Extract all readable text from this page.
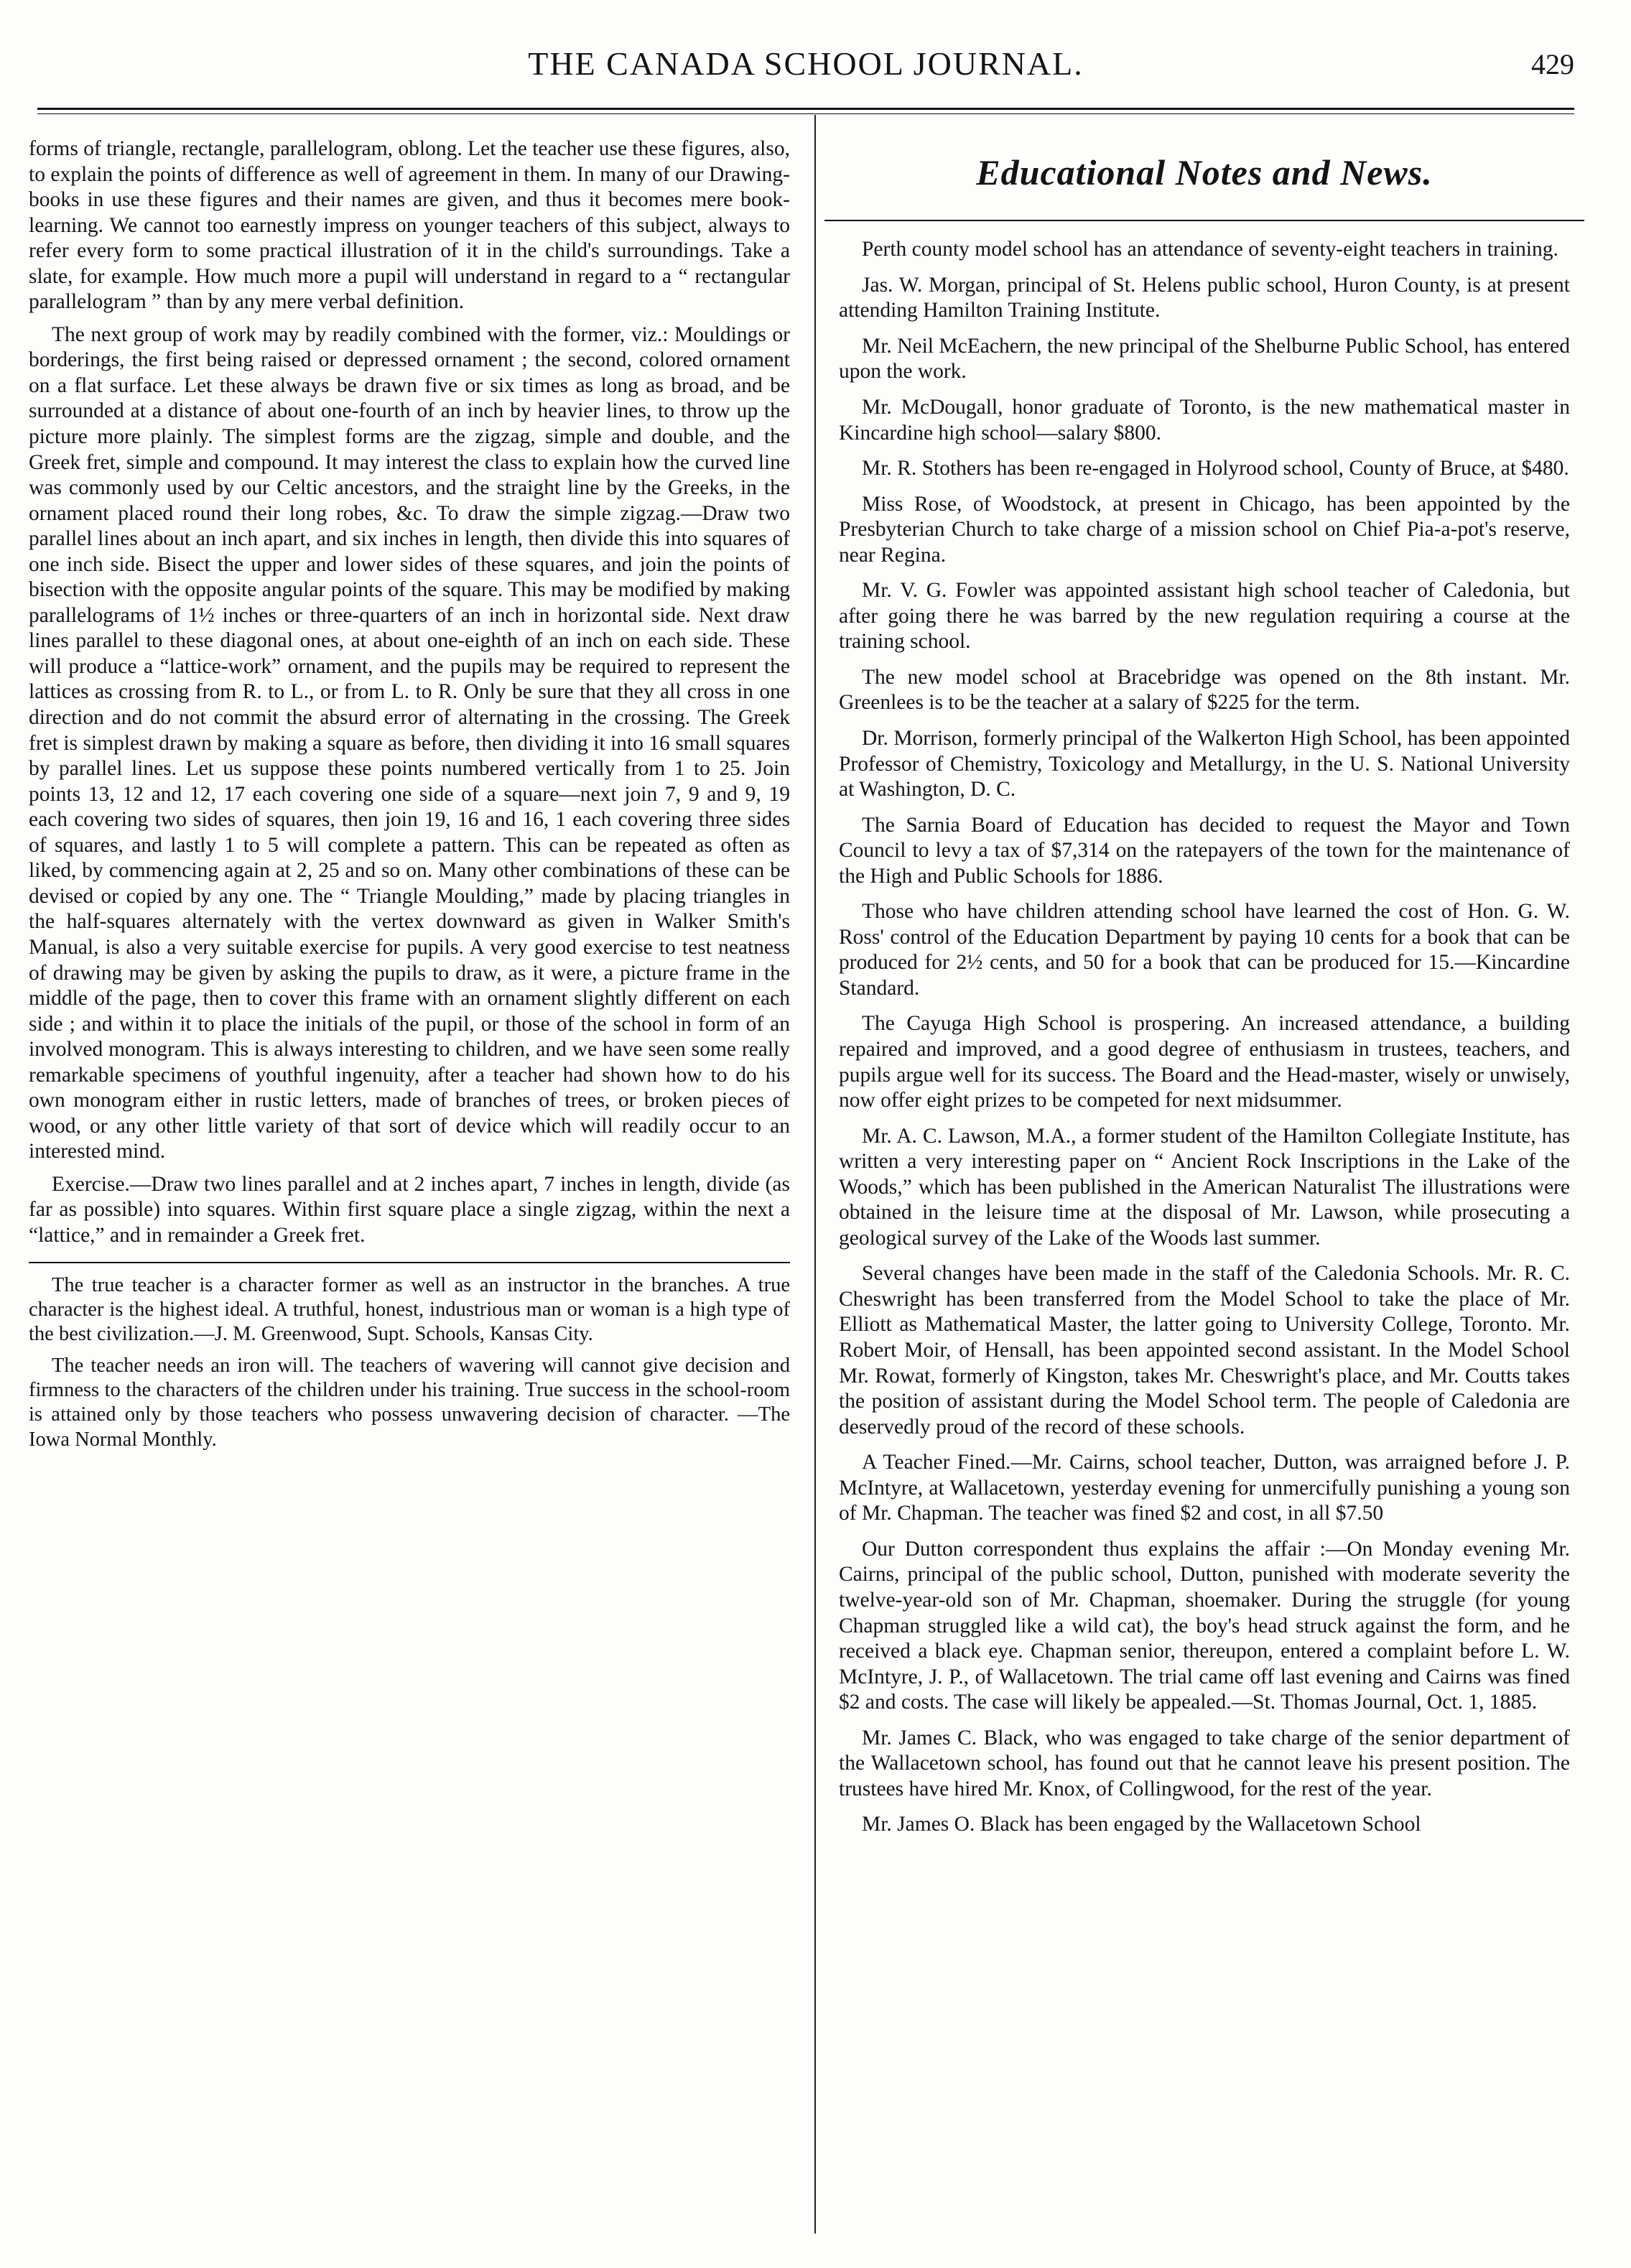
THE CANADA SCHOOL JOURNAL.	429

forms of triangle, rectangle, parallelogram, oblong. Let the teacher use these figures, also, to explain the points of difference as well of agreement in them. In many of our Drawing-books in use these figures and their names are given, and thus it becomes mere book-learning. We cannot too earnestly impress on younger teachers of this subject, always to refer every form to some practical illustration of it in the child's surroundings. Take a slate, for example. How much more a pupil will understand in regard to a “ rectangular parallelogram ” than by any mere verbal definition.

The next group of work may by readily combined with the former, viz.: Mouldings or borderings, the first being raised or depressed ornament ; the second, colored ornament on a flat surface. Let these always be drawn five or six times as long as broad, and be surrounded at a distance of about one-fourth of an inch by heavier lines, to throw up the picture more plainly. The simplest forms are the zigzag, simple and double, and the Greek fret, simple and compound. It may interest the class to explain how the curved line was commonly used by our Celtic ancestors, and the straight line by the Greeks, in the ornament placed round their long robes, &c. To draw the simple zigzag.—Draw two parallel lines about an inch apart, and six inches in length, then divide this into squares of one inch side. Bisect the upper and lower sides of these squares, and join the points of bisection with the opposite angular points of the square. This may be modified by making parallelograms of 1½ inches or three-quarters of an inch in horizontal side. Next draw lines parallel to these diagonal ones, at about one-eighth of an inch on each side. These will produce a “lattice-work” ornament, and the pupils may be required to represent the lattices as crossing from R. to L., or from L. to R. Only be sure that they all cross in one direction and do not commit the absurd error of alternating in the crossing. The Greek fret is simplest drawn by making a square as before, then dividing it into 16 small squares by parallel lines. Let us suppose these points numbered vertically from 1 to 25. Join points 13, 12 and 12, 17 each covering one side of a square—next join 7, 9 and 9, 19 each covering two sides of squares, then join 19, 16 and 16, 1 each covering three sides of squares, and lastly 1 to 5 will complete a pattern. This can be repeated as often as liked, by commencing again at 2, 25 and so on. Many other combinations of these can be devised or copied by any one. The “ Triangle Moulding,” made by placing triangles in the half-squares alternately with the vertex downward as given in Walker Smith's Manual, is also a very suitable exercise for pupils. A very good exercise to test neatness of drawing may be given by asking the pupils to draw, as it were, a picture frame in the middle of the page, then to cover this frame with an ornament slightly different on each side ; and within it to place the initials of the pupil, or those of the school in form of an involved monogram. This is always interesting to children, and we have seen some really remarkable specimens of youthful ingenuity, after a teacher had shown how to do his own monogram either in rustic letters, made of branches of trees, or broken pieces of wood, or any other little variety of that sort of device which will readily occur to an interested mind.

Exercise.—Draw two lines parallel and at 2 inches apart, 7 inches in length, divide (as far as possible) into squares. Within first square place a single zigzag, within the next a “lattice,” and in remainder a Greek fret.

The true teacher is a character former as well as an instructor in the branches. A true character is the highest ideal. A truthful, honest, industrious man or woman is a high type of the best civilization.—J. M. Greenwood, Supt. Schools, Kansas City.

The teacher needs an iron will. The teachers of wavering will cannot give decision and firmness to the characters of the children under his training. True success in the school-room is attained only by those teachers who possess unwavering decision of character. —The Iowa Normal Monthly.

Educational Notes and News.

Perth county model school has an attendance of seventy-eight teachers in training.

Jas. W. Morgan, principal of St. Helens public school, Huron County, is at present attending Hamilton Training Institute.

Mr. Neil McEachern, the new principal of the Shelburne Public School, has entered upon the work.

Mr. McDougall, honor graduate of Toronto, is the new mathematical master in Kincardine high school—salary $800.

Mr. R. Stothers has been re-engaged in Holyrood school, County of Bruce, at $480.

Miss Rose, of Woodstock, at present in Chicago, has been appointed by the Presbyterian Church to take charge of a mission school on Chief Pia-a-pot's reserve, near Regina.

Mr. V. G. Fowler was appointed assistant high school teacher of Caledonia, but after going there he was barred by the new regulation requiring a course at the training school.

The new model school at Bracebridge was opened on the 8th instant. Mr. Greenlees is to be the teacher at a salary of $225 for the term.

Dr. Morrison, formerly principal of the Walkerton High School, has been appointed Professor of Chemistry, Toxicology and Metallurgy, in the U. S. National University at Washington, D. C.

The Sarnia Board of Education has decided to request the Mayor and Town Council to levy a tax of $7,314 on the ratepayers of the town for the maintenance of the High and Public Schools for 1886.

Those who have children attending school have learned the cost of Hon. G. W. Ross' control of the Education Department by paying 10 cents for a book that can be produced for 2½ cents, and 50 for a book that can be produced for 15.—Kincardine Standard.

The Cayuga High School is prospering. An increased attendance, a building repaired and improved, and a good degree of enthusiasm in trustees, teachers, and pupils argue well for its success. The Board and the Head-master, wisely or unwisely, now offer eight prizes to be competed for next midsummer.

Mr. A. C. Lawson, M.A., a former student of the Hamilton Collegiate Institute, has written a very interesting paper on “ Ancient Rock Inscriptions in the Lake of the Woods,” which has been published in the American Naturalist The illustrations were obtained in the leisure time at the disposal of Mr. Lawson, while prosecuting a geological survey of the Lake of the Woods last summer.

Several changes have been made in the staff of the Caledonia Schools. Mr. R. C. Cheswright has been transferred from the Model School to take the place of Mr. Elliott as Mathematical Master, the latter going to University College, Toronto. Mr. Robert Moir, of Hensall, has been appointed second assistant. In the Model School Mr. Rowat, formerly of Kingston, takes Mr. Cheswright's place, and Mr. Coutts takes the position of assistant during the Model School term. The people of Caledonia are deservedly proud of the record of these schools.

A Teacher Fined.—Mr. Cairns, school teacher, Dutton, was arraigned before J. P. McIntyre, at Wallacetown, yesterday evening for unmercifully punishing a young son of Mr. Chapman. The teacher was fined $2 and cost, in all $7.50

Our Dutton correspondent thus explains the affair :—On Monday evening Mr. Cairns, principal of the public school, Dutton, punished with moderate severity the twelve-year-old son of Mr. Chapman, shoemaker. During the struggle (for young Chapman struggled like a wild cat), the boy's head struck against the form, and he received a black eye. Chapman senior, thereupon, entered a complaint before L. W. McIntyre, J. P., of Wallacetown. The trial came off last evening and Cairns was fined $2 and costs. The case will likely be appealed.—St. Thomas Journal, Oct. 1, 1885.

Mr. James C. Black, who was engaged to take charge of the senior department of the Wallacetown school, has found out that he cannot leave his present position. The trustees have hired Mr. Knox, of Collingwood, for the rest of the year.

Mr. James O. Black has been engaged by the Wallacetown School
